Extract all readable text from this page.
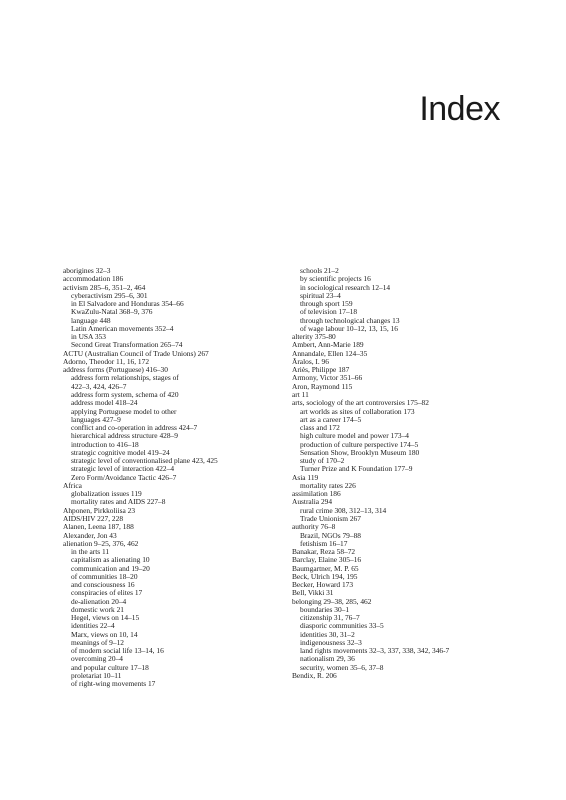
Index
aborigines 32–3
accommodation 186
activism 285–6, 351–2, 464
cyberactivism 295–6, 301
in El Salvadore and Honduras 354–66
KwaZulu-Natal 368–9, 376
language 448
Latin American movements 352–4
in USA 353
Second Great Transformation 265–74
ACTU (Australian Council of Trade Unions) 267
Adorno, Theodor 11, 16, 172
address forms (Portuguese) 416–30
address form relationships, stages of
422–3, 424, 426–7
address form system, schema of 420
address model 418–24
applying Portuguese model to other
languages 427–9
conflict and co-operation in address 424–7
hierarchical address structure 428–9
introduction to 416–18
strategic cognitive model 419–24
strategic level of conventionalised plane 423, 425
strategic level of interaction 422–4
Zero Form/Avoidance Tactic 426–7
Africa
globalization issues 119
mortality rates and AIDS 227–8
Ahponen, Pirkkoliisa 23
AIDS/HIV 227, 228
Alanen, Leena 187, 188
Alexander, Jon 43
alienation 9–25, 376, 462
in the arts 11
capitalism as alienating 10
communication and 19–20
of communities 18–20
and consciousness 16
conspiracies of elites 17
de-alienation 20–4
domestic work 21
Hegel, views on 14–15
identities 22–4
Marx, views on 10, 14
meanings of 9–12
of modern social life 13–14, 16
overcoming 20–4
and popular culture 17–18
proletariat 10–11
of right-wing movements 17
schools 21–2
by scientific projects 16
in sociological research 12–14
spiritual 23–4
through sport 159
of television 17–18
through technological changes 13
of wage labour 10–12, 13, 15, 16
alterity 375-80
Ambert, Ann-Marie 189
Annandale, Ellen 124–35
Ãralos, I. 96
Ariès, Philippe 187
Armony, Victor 351–66
Aron, Raymond 115
art 11
arts, sociology of the art controversies 175–82
art worlds as sites of collaboration 173
art as a career 174–5
class and 172
high culture model and power 173–4
production of culture perspective 174–5
Sensation Show, Brooklyn Museum 180
study of 170–2
Turner Prize and K Foundation 177–9
Asia 119
mortality rates 226
assimilation 186
Australia 294
rural crime 308, 312–13, 314
Trade Unionism 267
authority 76–8
Brazil, NGOs 79–88
fetishism 16–17
Banakar, Reza 58–72
Barclay, Elaine 305–16
Baumgartner, M. P. 65
Beck, Ulrich 194, 195
Becker, Howard 173
Bell, Vikki 31
belonging 29–38, 285, 462
boundaries 30–1
citizenship 31, 76–7
diasporic communities 33–5
identities 30, 31–2
indigenousness 32–3
land rights movements 32–3, 337, 338, 342, 346-7
nationalism 29, 36
security, women 35–6, 37–8
Bendix, R. 206
